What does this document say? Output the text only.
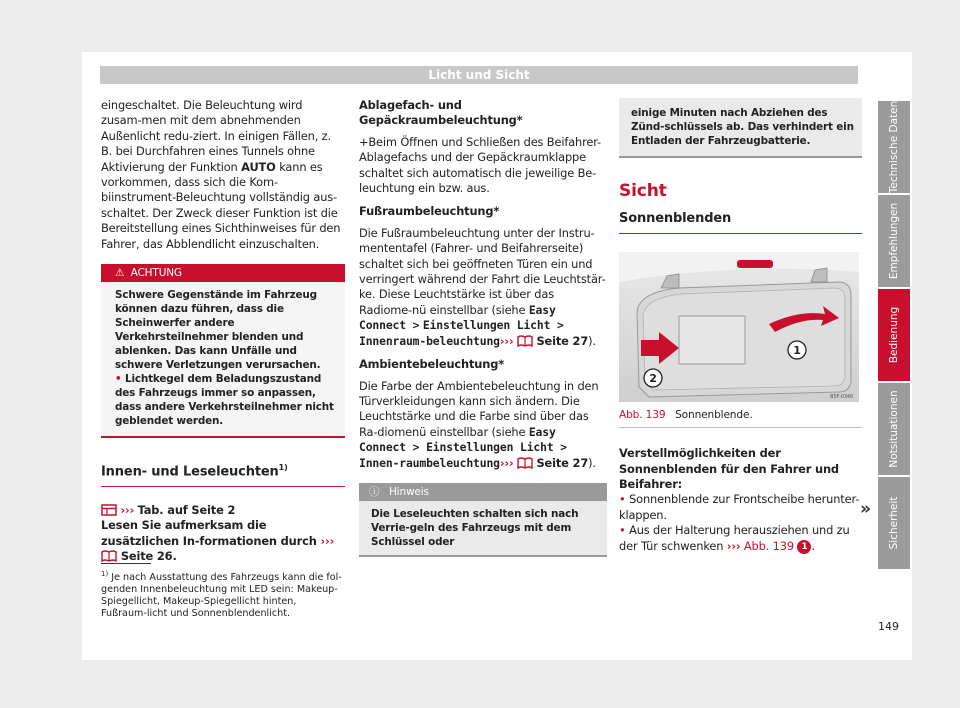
Licht und Sicht

eingeschaltet. Die Beleuchtung wird zusam-men mit dem abnehmenden Außenlicht redu-ziert. In einigen Fällen, z. B. bei Durchfahren eines Tunnels ohne Aktivierung der Funktion AUTO kann es vorkommen, dass sich die Kom-biinstrument-Beleuchtung vollständig aus-schaltet. Der Zweck dieser Funktion ist die Bereitstellung eines Sichthinweises für den Fahrer, das Abblendlicht einzuschalten.

⚠ ACHTUNG

Schwere Gegenstände im Fahrzeug können dazu führen, dass die Scheinwerfer andere Verkehrsteilnehmer blenden und ablenken. Das kann Unfälle und schwere Verletzungen verursachen.

• Lichtkegel dem Beladungszustand des Fahrzeugs immer so anpassen, dass andere Verkehrsteilnehmer nicht geblendet werden.

Innen- und Leseleuchten$^{1)}$

››› Tab. auf Seite 2

Lesen Sie aufmerksam die zusätzlichen In-formationen durch ›››  Seite 26.

Ablagefach- und Gepäckraumbeleuchtung*

+Beim Öffnen und Schließen des Beifahrer-Ablagefachs und der Gepäckraumklappe schaltet sich automatisch die jeweilige Be-leuchtung ein bzw. aus.

Fußraumbeleuchtung*

Die Fußraumbeleuchtung unter der Instru-mententafel (Fahrer- und Beifahrerseite) schaltet sich bei geöffneten Türen ein und verringert während der Fahrt die Leuchtstär-ke. Diese Leuchtstärke ist über das Radiome-nü einstellbar (siehe Easy Connect > Einstellungen Licht > Innenraum-beleuchtung››› Seite 27).

Ambientebeleuchtung*

Die Farbe der Ambientebeleuchtung in den Türverkleidungen kann sich ändern. Die Leuchtstärke und die Farbe sind über das Ra-diomenü einstellbar (siehe Easy Connect > Einstellungen Licht > Innen-raumbeleuchtung››› Seite 27).

ⓘ Hinweis
Die Leseleuchten schalten sich nach Verrie-geln des Fahrzeugs mit dem Schlüssel oder
einige Minuten nach Abziehen des Zünd-schlüssels ab. Das verhindert ein Entladen der Fahrzeugbatterie.
Sicht
Sonnenblenden
1
2
B5F-0346
Abb. 139 Sonnenblende.

Verstellmöglichkeiten der Sonnenblenden für den Fahrer und Beifahrer:

• Sonnenblende zur Frontscheibe herunter-klappen.

• Aus der Halterung herausziehen und zu der Tür schwenken ››› Abb. 139 1 .

»
Technische Daten
Empfehlungen
Bedienung
Notsituationen
Sicherheit
$^{1)}$ Je nach Ausstattung des Fahrzeugs kann die fol-genden Innenbeleuchtung mit LED sein: Makeup-Spiegellicht, Makeup-Spiegellicht hinten, Fußraum-licht und Sonnenblendenlicht.
149
